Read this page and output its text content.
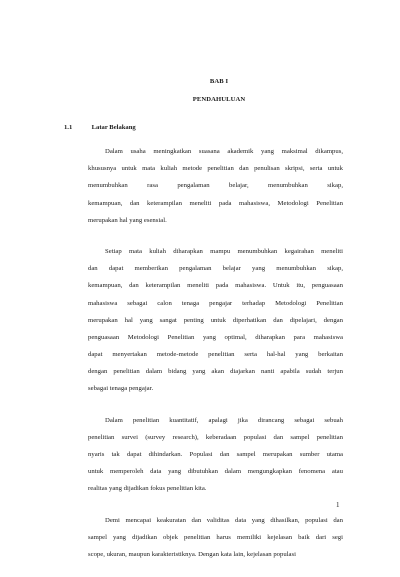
BAB I
PENDAHULUAN
1.1	Latar Belakang
Dalam usaha meningkatkan suasana akademik yang maksimal dikampus,
khususnya untuk mata kuliah metode penelitian dan penulisan skripsi, serta untuk
menumbuhkan rasa pengalaman belajar, menumbuhkan sikap,
kemampuan, dan keterampilan meneliti pada mahasiswa, Metodologi Penelitian
merupakan hal yang esensial.
Setiap mata kuliah diharapkan mampu menumbuhkan kegairahan meneliti
dan dapat memberikan pengalaman belajar yang menumbuhkan sikap,
kemampuan, dan keterampilan meneliti pada mahasiswa. Untuk itu, penguasaan
mahasiswa sebagai calon tenaga pengajar terhadap Metodologi Penelitian
merupakan hal yang sangat penting untuk diperhatikan dan dipelajari, dengan
penguasaan Metodologi Penelitian yang optimal, diharapkan para mahasiswa
dapat menyertakan metode-metode penelitian serta hal-hal yang berkaitan
dengan penelitian dalam bidang yang akan diajarkan nanti apabila sudah terjun
sebagai tenaga pengajar.
Dalam penelitian kuantitatif, apalagi jika dirancang sebagai sebuah
penelitian survei (survey research), keberadaan populasi dan sampel penelitian
nyaris tak dapat dihindarkan. Populasi dan sampel merupakan sumber utama
untuk memperoleh data yang dibutuhkan dalam mengungkapkan fenomena atau
realitas yang dijadikan fokus penelitian kita.
Demi mencapai keakuratan dan validitas data yang dihasilkan, populasi dan
sampel yang dijadikan objek penelitian harus memiliki kejelasan baik dari segi
scope, ukuran, maupun karakteristiknya. Dengan kata lain, kejelasan populasi
1
